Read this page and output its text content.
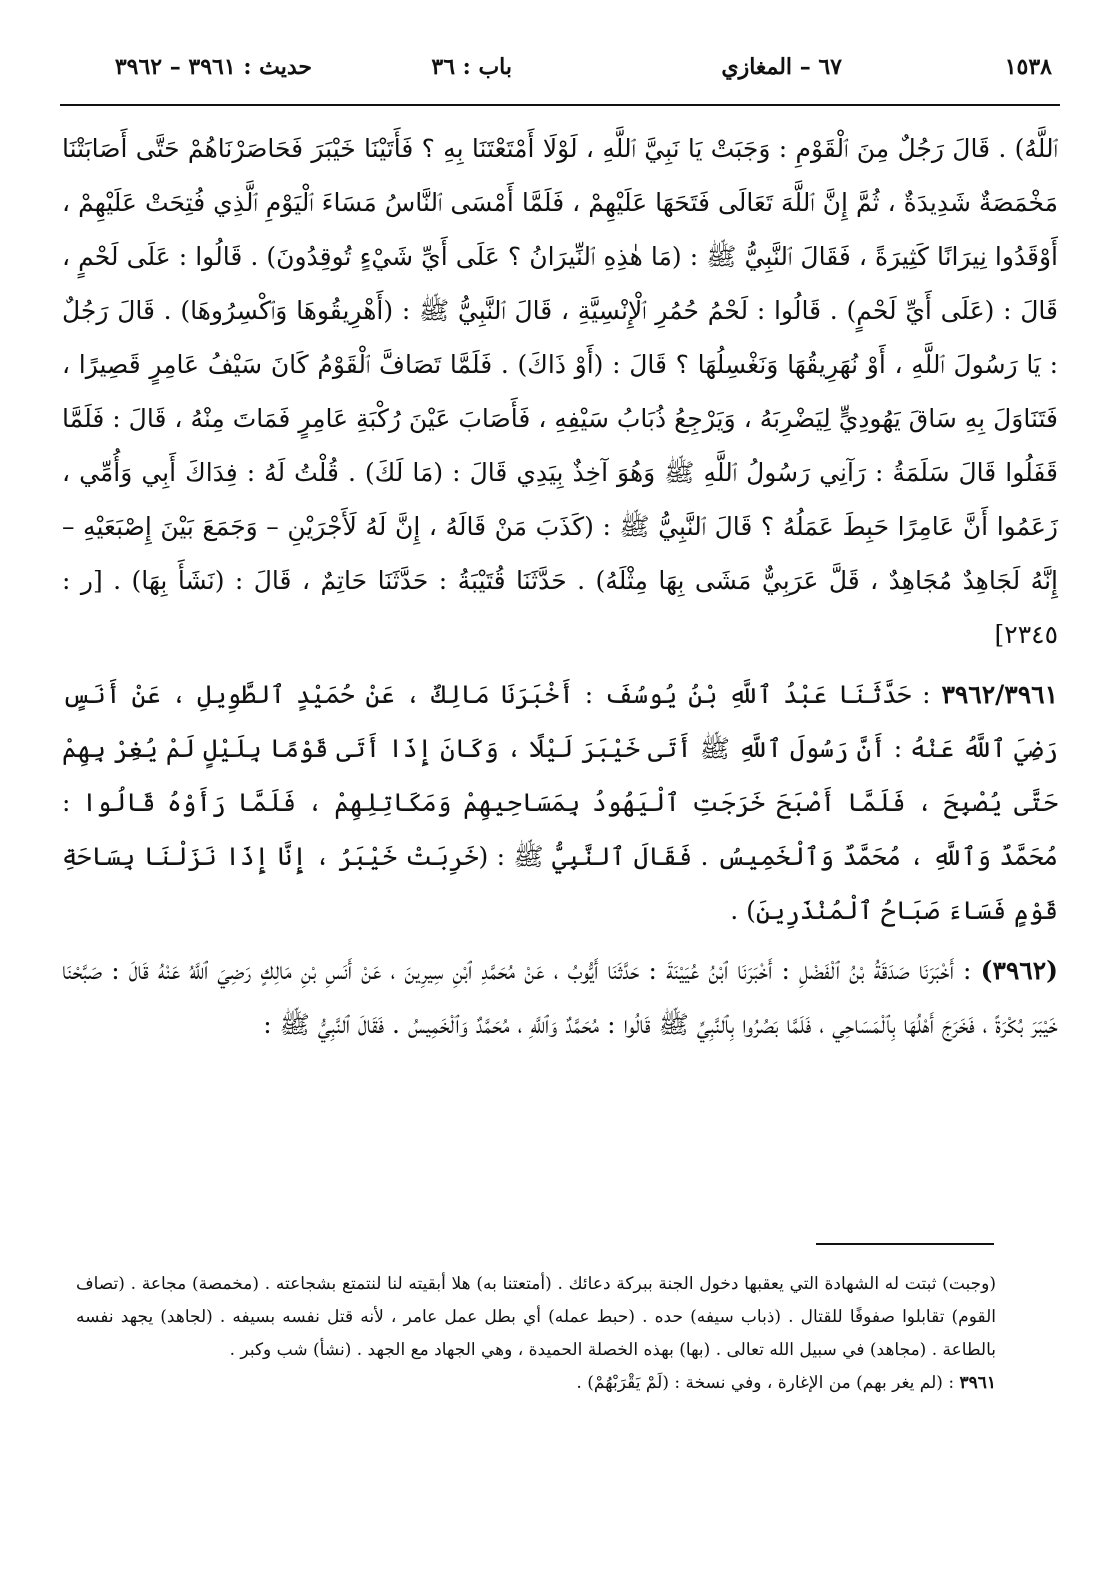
١٥٣٨
٦٧ – المغازي
باب : ٣٦
حديث : ٣٩٦١ – ٣٩٦٢

ٱللَّهُ) . قَالَ رَجُلٌ مِنَ ٱلْقَوْمِ : وَجَبَتْ يَا نَبِيَّ ٱللَّهِ ، لَوْلَا أَمْتَعْتَنَا بِهِ ؟ فَأَتَيْنَا خَيْبَرَ فَحَاصَرْنَاهُمْ حَتَّى أَصَابَتْنَا مَخْمَصَةٌ شَدِيدَةٌ ، ثُمَّ إِنَّ ٱللَّهَ تَعَالَى فَتَحَهَا عَلَيْهِمْ ، فَلَمَّا أَمْسَى ٱلنَّاسُ مَسَاءَ ٱلْيَوْمِ ٱلَّذِي فُتِحَتْ عَلَيْهِمْ ، أَوْقَدُوا نِيرَانًا كَثِيرَةً ، فَقَالَ ٱلنَّبِيُّ ﷺ : (مَا هٰذِهِ ٱلنِّيرَانُ ؟ عَلَى أَيِّ شَيْءٍ تُوقِدُونَ) . قَالُوا : عَلَى لَحْمٍ ، قَالَ : (عَلَى أَيِّ لَحْمٍ) . قَالُوا : لَحْمُ حُمُرِ ٱلْإِنْسِيَّةِ ، قَالَ ٱلنَّبِيُّ ﷺ : (أَهْرِيقُوهَا وَٱكْسِرُوهَا) . قَالَ رَجُلٌ : يَا رَسُولَ ٱللَّهِ ، أَوْ نُهَرِيقُهَا وَنَغْسِلُهَا ؟ قَالَ : (أَوْ ذَاكَ) . فَلَمَّا تَصَافَّ ٱلْقَوْمُ كَانَ سَيْفُ عَامِرٍ قَصِيرًا ، فَتَنَاوَلَ بِهِ سَاقَ يَهُودِيٍّ لِيَضْرِبَهُ ، وَيَرْجِعُ ذُبَابُ سَيْفِهِ ، فَأَصَابَ عَيْنَ رُكْبَةِ عَامِرٍ فَمَاتَ مِنْهُ ، قَالَ : فَلَمَّا قَفَلُوا قَالَ سَلَمَةُ : رَآنِي رَسُولُ ٱللَّهِ ﷺ وَهُوَ آخِذٌ بِيَدِي قَالَ : (مَا لَكَ) . قُلْتُ لَهُ : فِدَاكَ أَبِي وَأُمِّي ، زَعَمُوا أَنَّ عَامِرًا حَبِطَ عَمَلُهُ ؟ قَالَ ٱلنَّبِيُّ ﷺ : (كَذَبَ مَنْ قَالَهُ ، إِنَّ لَهُ لَأَجْرَيْنِ – وَجَمَعَ بَيْنَ إِصْبَعَيْهِ – إِنَّهُ لَجَاهِدٌ مُجَاهِدٌ ، قَلَّ عَرَبِيٌّ مَشَى بِهَا مِثْلَهُ) . حَدَّثَنَا قُتَيْبَةُ : حَدَّثَنَا حَاتِمٌ ، قَالَ : (نَشَأَ بِهَا) . [ر : ٢٣٤٥]

٣٩٦٢/٣٩٦١ : حَدَّثَنَا عَبْدُ ٱللَّهِ بْنُ يُوسُفَ : أَخْبَرَنَا مَالِكٌ ، عَنْ حُمَيْدٍ ٱلطَّوِيلِ ، عَنْ أَنَسٍ رَضِيَ ٱللَّهُ عَنْهُ : أَنَّ رَسُولَ ٱللَّهِ ﷺ أَتَى خَيْبَرَ لَيْلًا ، وَكَانَ إِذَا أَتَى قَوْمًا بِلَيْلٍ لَمْ يُغِرْ بِهِمْ حَتَّى يُصْبِحَ ، فَلَمَّا أَصْبَحَ خَرَجَتِ ٱلْيَهُودُ بِمَسَاحِيهِمْ وَمَكَاتِلِهِمْ ، فَلَمَّا رَأَوْهُ قَالُوا : مُحَمَّدٌ وَٱللَّهِ ، مُحَمَّدٌ وَٱلْخَمِيسُ . فَقَالَ ٱلنَّبِيُّ ﷺ : (خَرِبَتْ خَيْبَرُ ، إِنَّا إِذَا نَزَلْنَا بِسَاحَةِ قَوْمٍ فَسَاءَ صَبَاحُ ٱلْمُنْذَرِينَ) .

(٣٩٦٢) : أَخْبَرَنَا صَدَقَةُ بْنُ ٱلْفَضْلِ : أَخْبَرَنَا ٱبْنُ عُيَيْنَةَ : حَدَّثَنَا أَيُّوبُ ، عَنْ مُحَمَّدِ ٱبْنِ سِيرِينَ ، عَنْ أَنَسِ بْنِ مَالِكٍ رَضِيَ ٱللَّهُ عَنْهُ قَالَ : صَبَّحْنَا خَيْبَرَ بُكْرَةً ، فَخَرَجَ أَهْلُهَا بِٱلْمَسَاحِي ، فَلَمَّا بَصُرُوا بِٱلنَّبِيِّ ﷺ قَالُوا : مُحَمَّدٌ وَٱللَّهِ ، مُحَمَّدٌ وَٱلْخَمِيسُ . فَقَالَ ٱلنَّبِيُّ ﷺ :

(وجبت) ثبتت له الشهادة التي يعقبها دخول الجنة ببركة دعائك . (أمتعتنا به) هلا أبقيته لنا لنتمتع بشجاعته . (مخمصة) مجاعة . (تصاف القوم) تقابلوا صفوفًا للقتال . (ذباب سيفه) حده . (حبط عمله) أي بطل عمل عامر ، لأنه قتل نفسه بسيفه . (لجاهد) يجهد نفسه بالطاعة . (مجاهد) في سبيل الله تعالى . (بها) بهذه الخصلة الحميدة ، وهي الجهاد مع الجهد . (نشأ) شب وكبر .

٣٩٦١ : (لم يغر بهم) من الإغارة ، وفي نسخة : (لَمْ يَقْرَبْهُمْ) .
